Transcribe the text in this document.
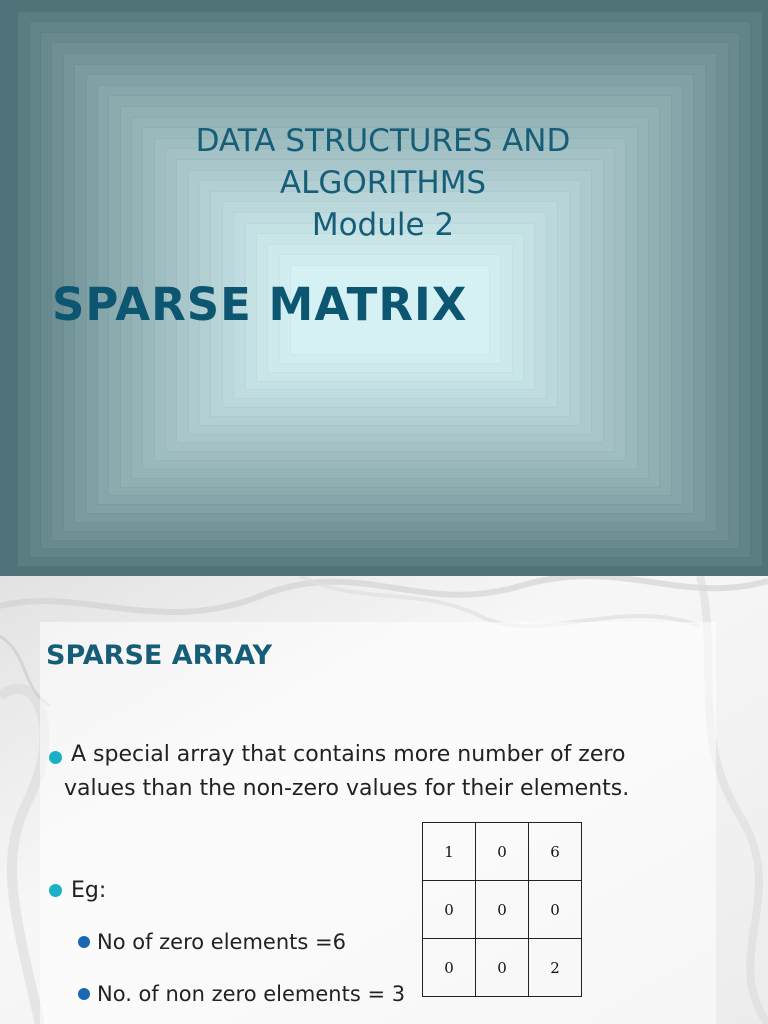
DATA STRUCTURES AND
ALGORITHMS
Module 2
SPARSE MATRIX
SPARSE ARRAY
A special array that contains more number of zero
values than the non-zero values for their elements.
Eg:
No of zero elements =6
No. of non zero elements = 3
1	0	6
0	0	0
0	0	2
